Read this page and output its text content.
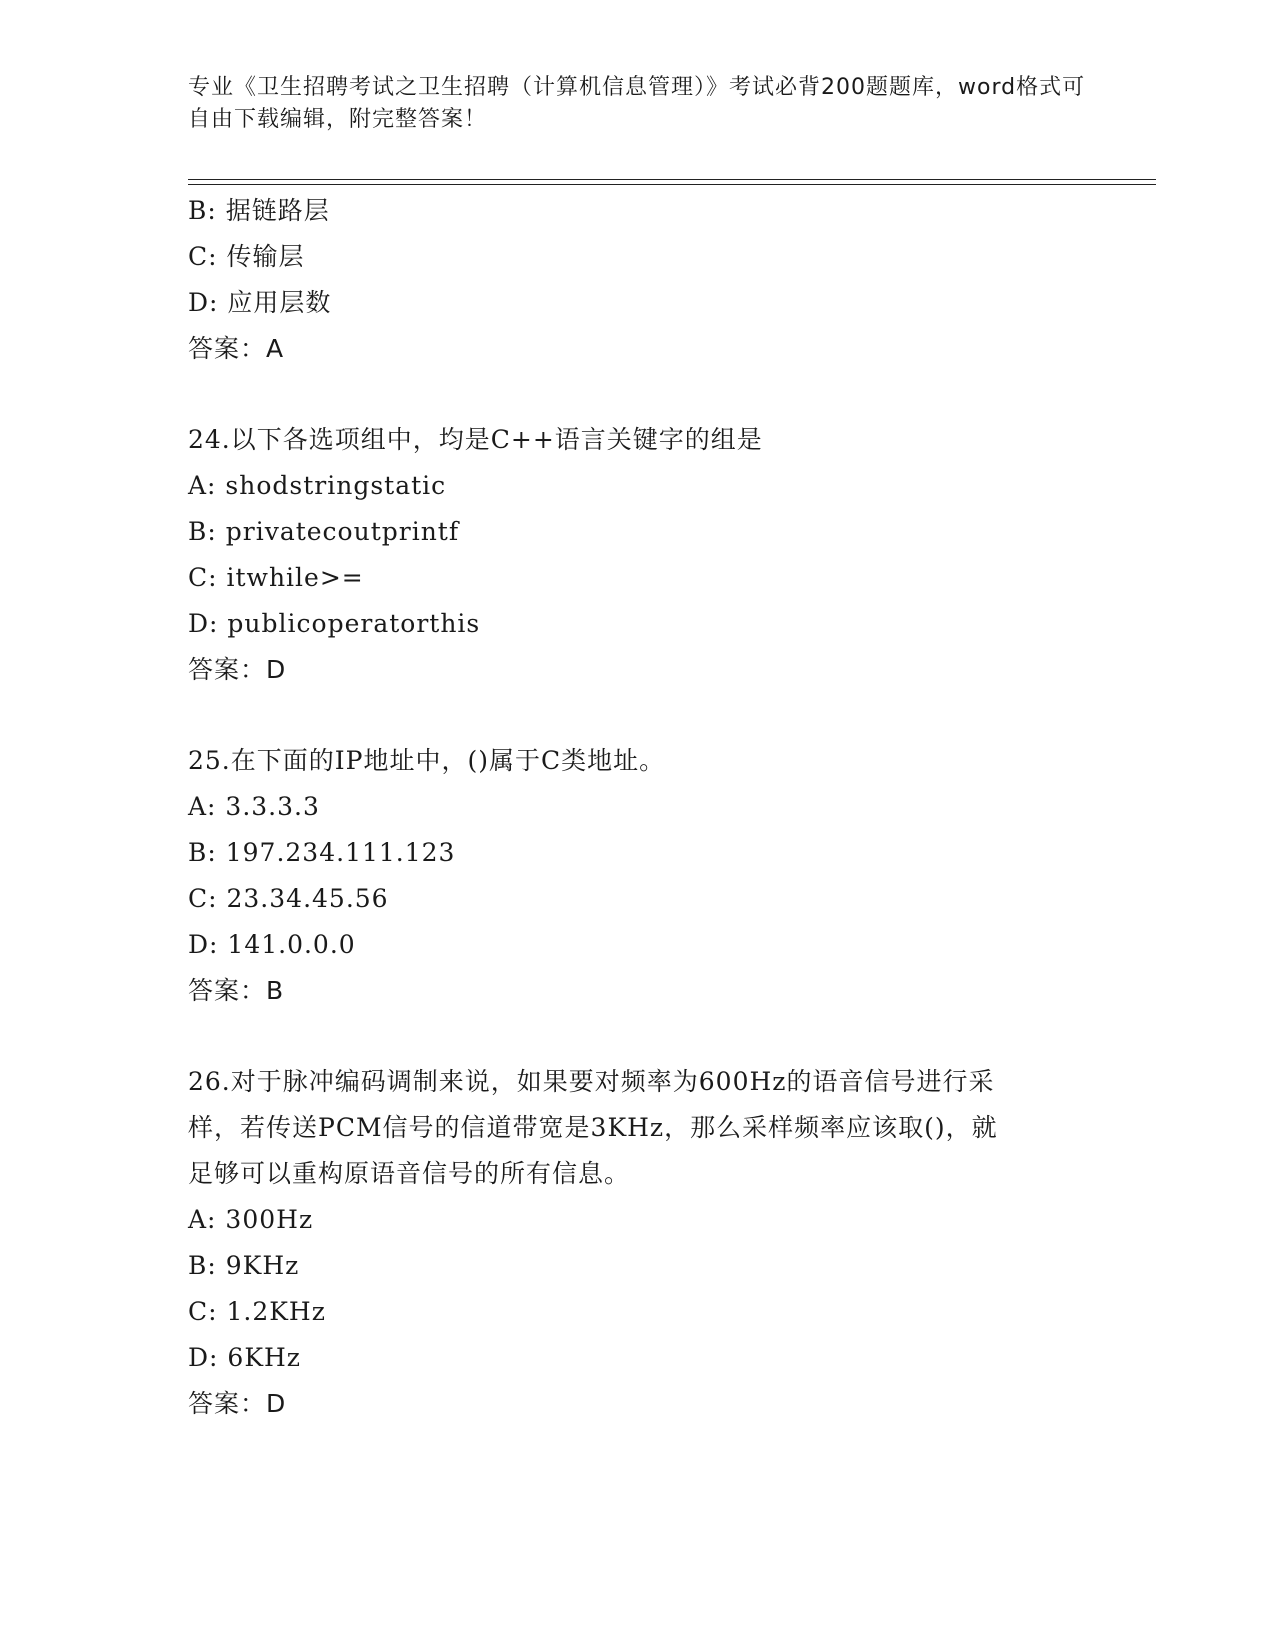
专业《卫生招聘考试之卫生招聘（计算机信息管理）》考试必背200题题库，word格式可自由下载编辑，附完整答案！
B: 据链路层
C: 传输层
D: 应用层数
答案：A
24.以下各选项组中，均是C++语言关键字的组是
A: shodstringstatic
B: privatecoutprintf
C: itwhile>=
D: publicoperatorthis
答案：D
25.在下面的IP地址中，()属于C类地址。
A: 3.3.3.3
B: 197.234.111.123
C: 23.34.45.56
D: 141.0.0.0
答案：B
26.对于脉冲编码调制来说，如果要对频率为600Hz的语音信号进行采
样，若传送PCM信号的信道带宽是3KHz，那么采样频率应该取()，就
足够可以重构原语音信号的所有信息。
A: 300Hz
B: 9KHz
C: 1.2KHz
D: 6KHz
答案：D
